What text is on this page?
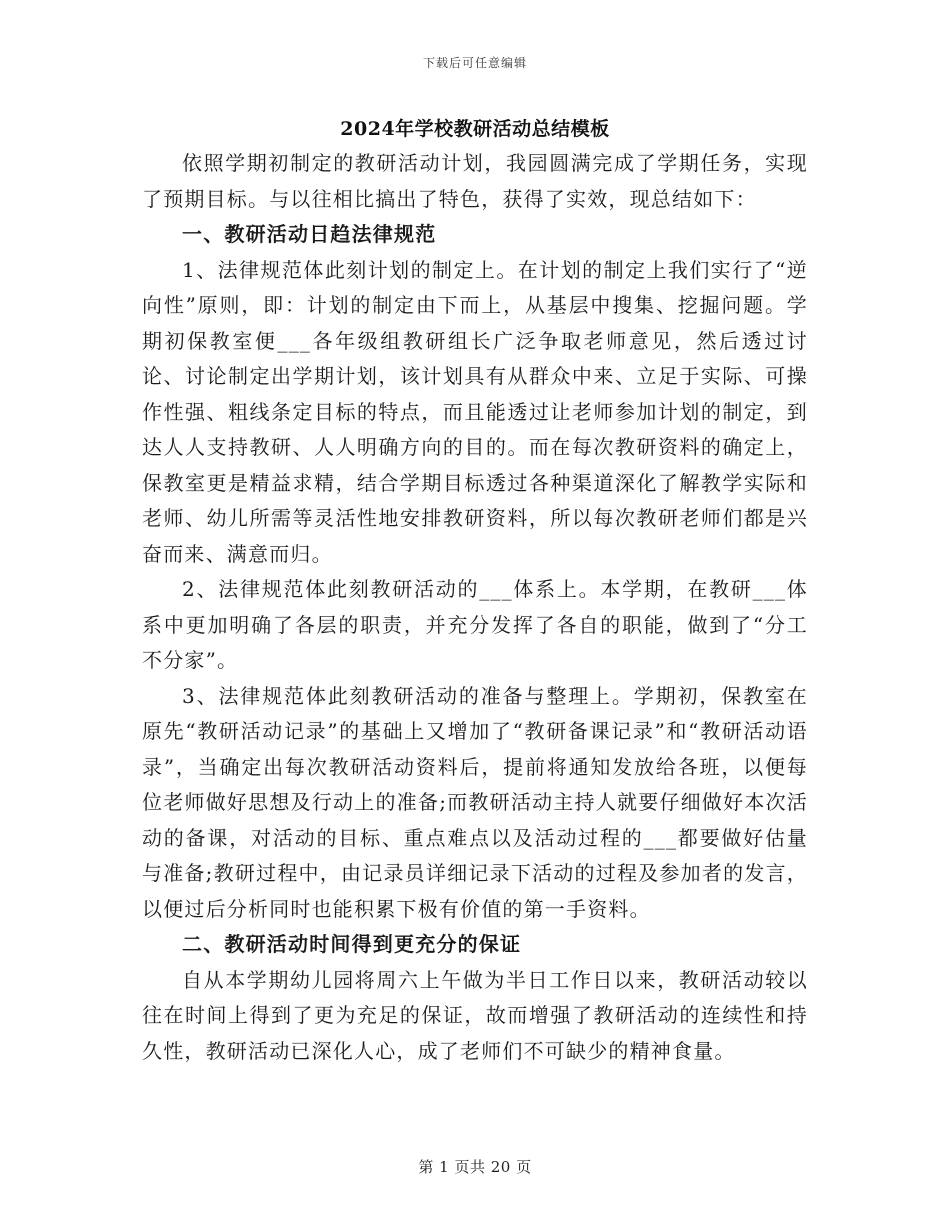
下载后可任意编辑
2024年学校教研活动总结模板

依照学期初制定的教研活动计划，我园圆满完成了学期任务，实现了预期目标。与以往相比搞出了特色，获得了实效，现总结如下：

一、教研活动日趋法律规范

1、法律规范体此刻计划的制定上。在计划的制定上我们实行了“逆向性”原则，即：计划的制定由下而上，从基层中搜集、挖掘问题。学期初保教室便___各年级组教研组长广泛争取老师意见，然后透过讨论、讨论制定出学期计划，该计划具有从群众中来、立足于实际、可操作性强、粗线条定目标的特点，而且能透过让老师参加计划的制定，到达人人支持教研、人人明确方向的目的。而在每次教研资料的确定上，保教室更是精益求精，结合学期目标透过各种渠道深化了解教学实际和老师、幼儿所需等灵活性地安排教研资料，所以每次教研老师们都是兴奋而来、满意而归。

2、法律规范体此刻教研活动的___体系上。本学期，在教研___体系中更加明确了各层的职责，并充分发挥了各自的职能，做到了“分工不分家”。

3、法律规范体此刻教研活动的准备与整理上。学期初，保教室在原先“教研活动记录”的基础上又增加了“教研备课记录”和“教研活动语录”，当确定出每次教研活动资料后，提前将通知发放给各班，以便每位老师做好思想及行动上的准备;而教研活动主持人就要仔细做好本次活动的备课，对活动的目标、重点难点以及活动过程的___都要做好估量与准备;教研过程中，由记录员详细记录下活动的过程及参加者的发言，以便过后分析同时也能积累下极有价值的第一手资料。

二、教研活动时间得到更充分的保证

自从本学期幼儿园将周六上午做为半日工作日以来，教研活动较以往在时间上得到了更为充足的保证，故而增强了教研活动的连续性和持久性，教研活动已深化人心，成了老师们不可缺少的精神食量。

第 1 页共 20 页
